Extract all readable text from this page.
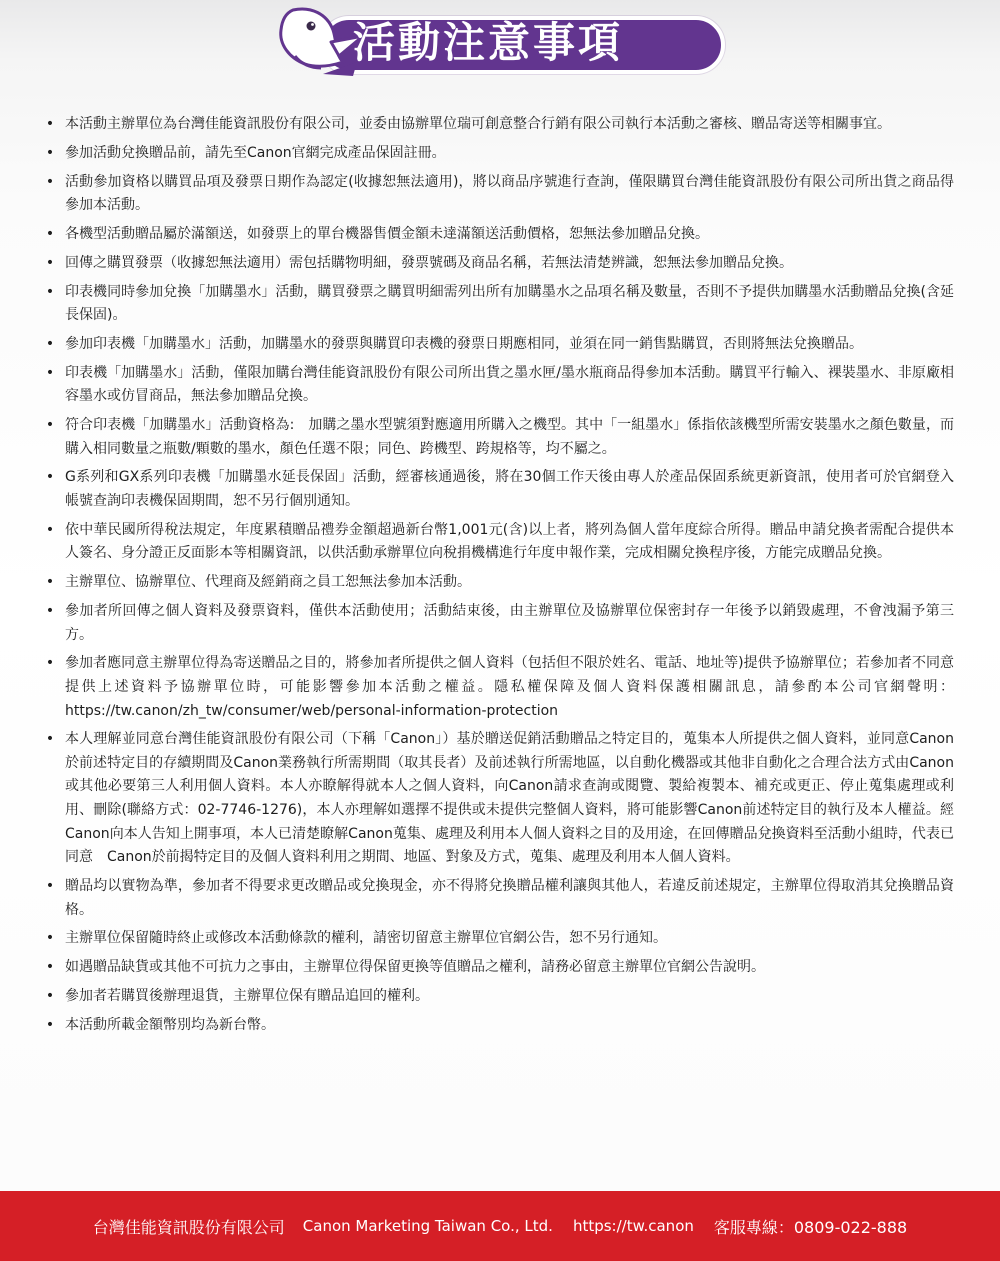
活動注意事項
• 本活動主辦單位為台灣佳能資訊股份有限公司，並委由協辦單位瑞可創意整合行銷有限公司執行本活動之審核、贈品寄送等相關事宜。
• 參加活動兌換贈品前，請先至Canon官網完成產品保固註冊。
• 活動參加資格以購買品項及發票日期作為認定(收據恕無法適用)，將以商品序號進行查詢，僅限購買台灣佳能資訊股份有限公司所出貨之商品得參加本活動。
• 各機型活動贈品屬於滿額送，如發票上的單台機器售價金額未達滿額送活動價格，恕無法參加贈品兌換。
• 回傳之購買發票（收據恕無法適用）需包括購物明細，發票號碼及商品名稱，若無法清楚辨識，恕無法參加贈品兌換。
• 印表機同時參加兌換「加購墨水」活動，購買發票之購買明細需列出所有加購墨水之品項名稱及數量，否則不予提供加購墨水活動贈品兌換(含延長保固)。
• 參加印表機「加購墨水」活動，加購墨水的發票與購買印表機的發票日期應相同，並須在同一銷售點購買，否則將無法兌換贈品。
• 印表機「加購墨水」活動，僅限加購台灣佳能資訊股份有限公司所出貨之墨水匣/墨水瓶商品得參加本活動。購買平行輸入、裸裝墨水、非原廠相容墨水或仿冒商品，無法參加贈品兌換。
• 符合印表機「加購墨水」活動資格為:　加購之墨水型號須對應適用所購入之機型。其中「一組墨水」係指依該機型所需安裝墨水之顏色數量，而購入相同數量之瓶數/顆數的墨水，顏色任選不限；同色、跨機型、跨規格等，均不屬之。
• G系列和GX系列印表機「加購墨水延長保固」活動，經審核通過後，將在30個工作天後由專人於產品保固系統更新資訊，使用者可於官網登入帳號查詢印表機保固期間，恕不另行個別通知。
• 依中華民國所得稅法規定，年度累積贈品禮券金額超過新台幣1,001元(含)以上者，將列為個人當年度綜合所得。贈品申請兌換者需配合提供本人簽名、身分證正反面影本等相關資訊，以供活動承辦單位向稅捐機構進行年度申報作業，完成相關兌換程序後，方能完成贈品兌換。
• 主辦單位、協辦單位、代理商及經銷商之員工恕無法參加本活動。
• 參加者所回傳之個人資料及發票資料，僅供本活動使用；活動結束後，由主辦單位及協辦單位保密封存一年後予以銷毀處理，不會洩漏予第三方。
• 參加者應同意主辦單位得為寄送贈品之目的，將參加者所提供之個人資料（包括但不限於姓名、電話、地址等)提供予協辦單位；若參加者不同意提供上述資料予協辦單位時，可能影響參加本活動之權益。隱私權保障及個人資料保護相關訊息，請參酌本公司官網聲明：https://tw.canon/zh_tw/consumer/web/personal-information-protection
• 本人理解並同意台灣佳能資訊股份有限公司（下稱「Canon」）基於贈送促銷活動贈品之特定目的，蒐集本人所提供之個人資料，並同意Canon於前述特定目的存續期間及Canon業務執行所需期間（取其長者）及前述執行所需地區，以自動化機器或其他非自動化之合理合法方式由Canon或其他必要第三人利用個人資料。本人亦瞭解得就本人之個人資料，向Canon請求查詢或閱覽、製給複製本、補充或更正、停止蒐集處理或利用、刪除(聯絡方式：02-7746-1276)，本人亦理解如選擇不提供或未提供完整個人資料，將可能影響Canon前述特定目的執行及本人權益。經Canon向本人告知上開事項，本人已清楚瞭解Canon蒐集、處理及利用本人個人資料之目的及用途，在回傳贈品兌換資料至活動小組時，代表已同意　Canon於前揭特定目的及個人資料利用之期間、地區、對象及方式，蒐集、處理及利用本人個人資料。
• 贈品均以實物為準，參加者不得要求更改贈品或兌換現金，亦不得將兌換贈品權利讓與其他人，若違反前述規定，主辦單位得取消其兌換贈品資格。
• 主辦單位保留隨時終止或修改本活動條款的權利，請密切留意主辦單位官網公告，恕不另行通知。
• 如遇贈品缺貨或其他不可抗力之事由，主辦單位得保留更換等值贈品之權利，請務必留意主辦單位官網公告說明。
• 參加者若購買後辦理退貨，主辦單位保有贈品追回的權利。
• 本活動所載金額幣別均為新台幣。
台灣佳能資訊股份有限公司 Canon Marketing Taiwan Co., Ltd. https://tw.canon 客服專線：0809-022-888
